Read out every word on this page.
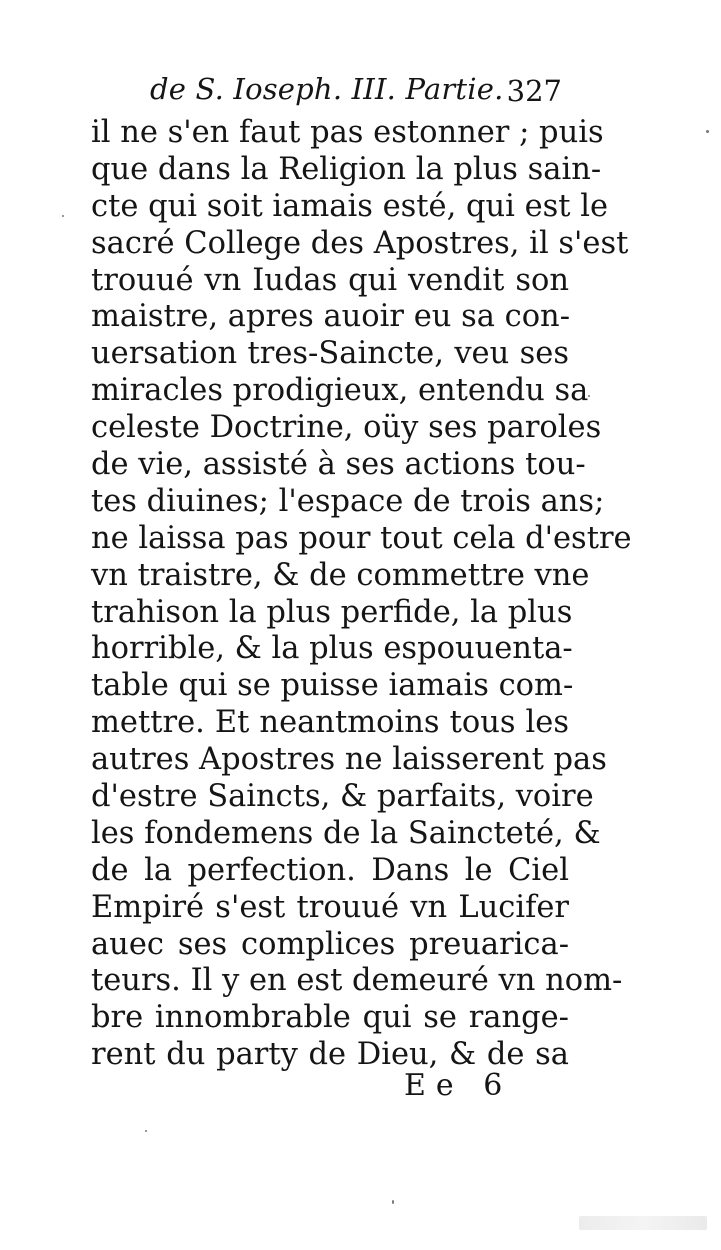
de S. Ioseph. III. Partie. 327
il ne s'en faut pas estonner ; puis
que dans la Religion la plus sain-
cte qui soit iamais esté, qui est le
sacré College des Apostres, il s'est
trouué vn Iudas qui vendit son
maistre, apres auoir eu sa con-
uersation tres-Saincte, veu ses
miracles prodigieux, entendu sa
celeste Doctrine, oüy ses paroles
de vie, assisté à ses actions tou-
tes diuines; l'espace de trois ans;
ne laissa pas pour tout cela d'estre
vn traistre, & de commettre vne
trahison la plus perfide, la plus
horrible, & la plus espouuenta-
table qui se puisse iamais com-
mettre. Et neantmoins tous les
autres Apostres ne laisserent pas
d'estre Saincts, & parfaits, voire
les fondemens de la Saincteté, &
de la perfection. Dans le Ciel
Empiré s'est trouué vn Lucifer
auec ses complices preuarica-
teurs. Il y en est demeuré vn nom-
bre innombrable qui se range-
rent du party de Dieu, & de sa
Ee 6
